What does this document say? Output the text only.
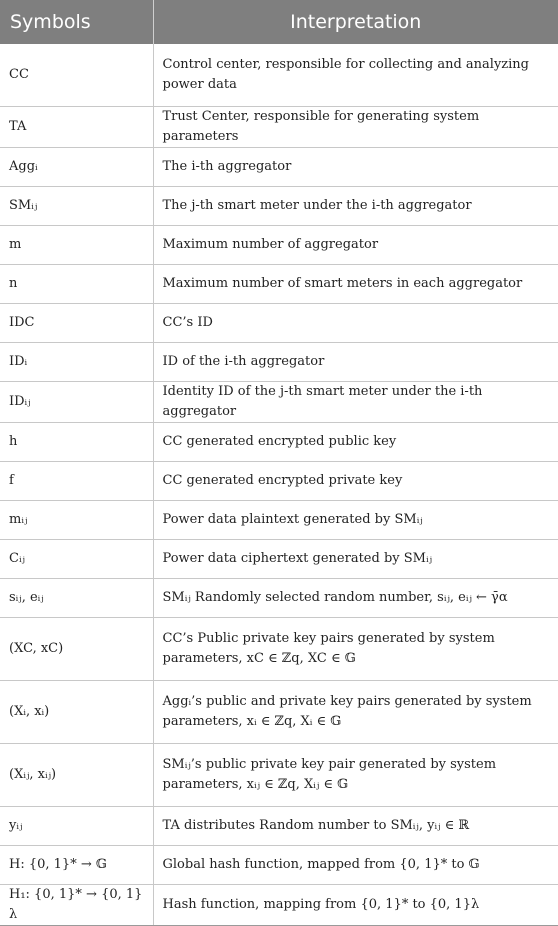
Symbols	Interpretation
CC	Control center, responsible for collecting and analyzing power data
TA	Trust Center, responsible for generating system parameters
Aggᵢ	The i-th aggregator
SMᵢⱼ	The j-th smart meter under the i-th aggregator
m	Maximum number of aggregator
n	Maximum number of smart meters in each aggregator
IDC	CC’s ID
IDᵢ	ID of the i-th aggregator
IDᵢⱼ	Identity ID of the j-th smart meter under the i-th aggregator
h	CC generated encrypted public key
f	CC generated encrypted private key
mᵢⱼ	Power data plaintext generated by SMᵢⱼ
Cᵢⱼ	Power data ciphertext generated by SMᵢⱼ
sᵢⱼ, eᵢⱼ	SMᵢⱼ Randomly selected random number, sᵢⱼ, eᵢⱼ ← γ̄α
(XC, xC)	CC’s Public private key pairs generated by system parameters, xC ∈ ℤq, XC ∈ 𝔾
(Xᵢ, xᵢ)	Aggᵢ’s public and private key pairs generated by system parameters, xᵢ ∈ ℤq, Xᵢ ∈ 𝔾
(Xᵢⱼ, xᵢⱼ)	SMᵢⱼ’s public private key pair generated by system parameters, xᵢⱼ ∈ ℤq, Xᵢⱼ ∈ 𝔾
yᵢⱼ	TA distributes Random number to SMᵢⱼ, yᵢⱼ ∈ ℝ
H: {0, 1}* → 𝔾	Global hash function, mapped from {0, 1}* to 𝔾
H₁: {0, 1}* → {0, 1}λ	Hash function, mapping from {0, 1}* to {0, 1}λ
